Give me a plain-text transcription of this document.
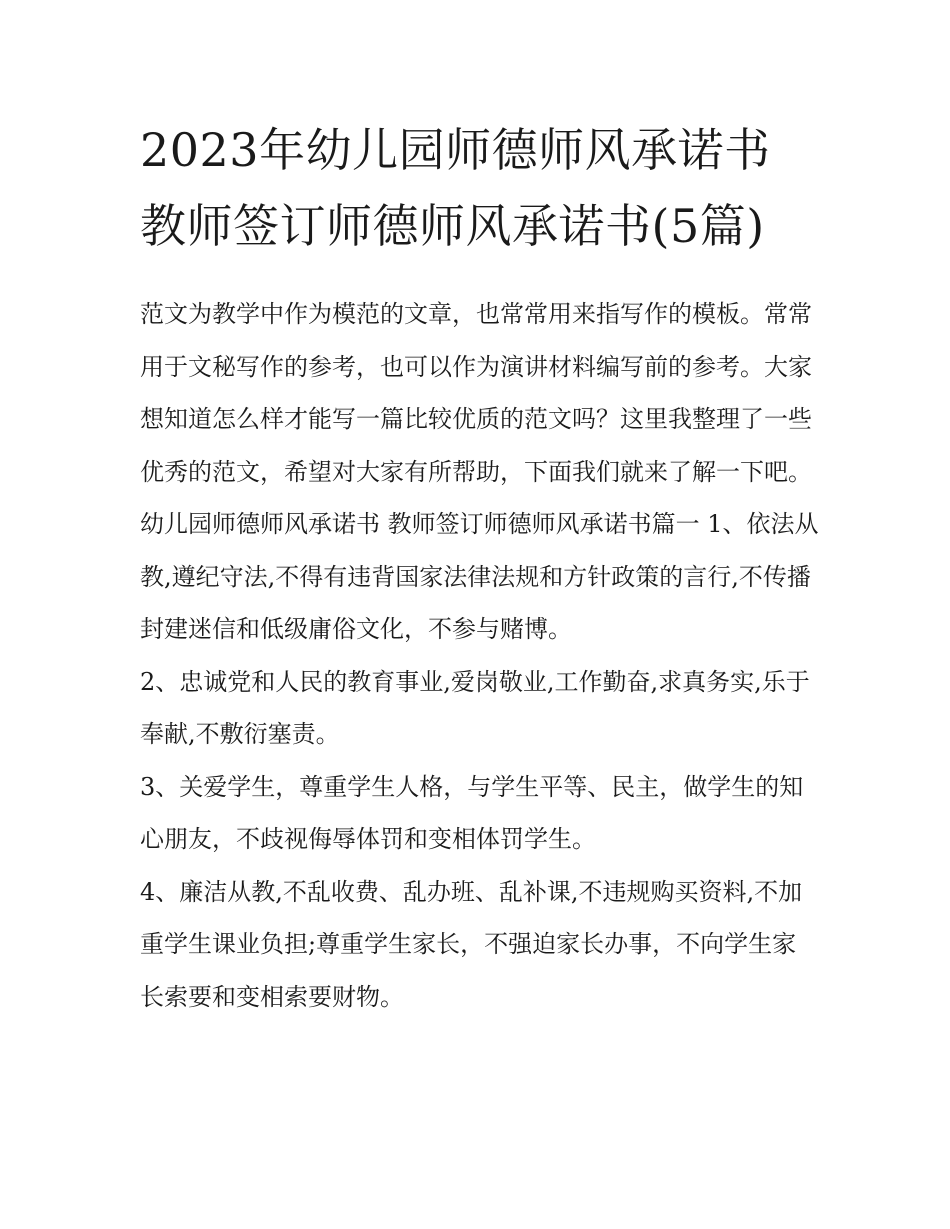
2023年幼儿园师德师风承诺书 教师签订师德师风承诺书(5篇)

范文为教学中作为模范的文章，也常常用来指写作的模板。常常用于文秘写作的参考，也可以作为演讲材料编写前的参考。大家想知道怎么样才能写一篇比较优质的范文吗？这里我整理了一些优秀的范文，希望对大家有所帮助，下面我们就来了解一下吧。

幼儿园师德师风承诺书 教师签订师德师风承诺书篇一 1、依法从教,遵纪守法,不得有违背国家法律法规和方针政策的言行,不传播封建迷信和低级庸俗文化，不参与赌博。

2、忠诚党和人民的教育事业,爱岗敬业,工作勤奋,求真务实,乐于奉献,不敷衍塞责。

3、关爱学生，尊重学生人格，与学生平等、民主，做学生的知心朋友，不歧视侮辱体罚和变相体罚学生。

4、廉洁从教,不乱收费、乱办班、乱补课,不违规购买资料,不加重学生课业负担;尊重学生家长，不强迫家长办事，不向学生家长索要和变相索要财物。
